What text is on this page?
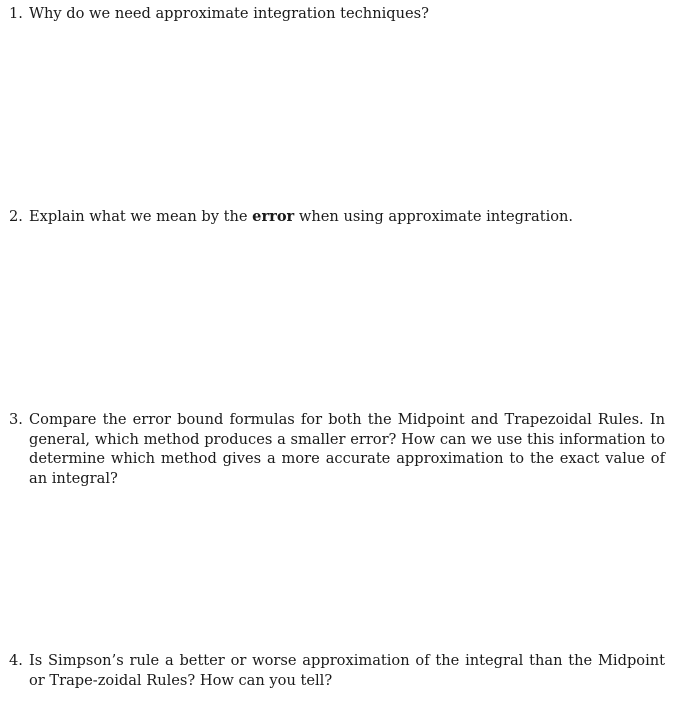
1. Why do we need approximate integration techniques?
2. Explain what we mean by the error when using approximate integration.
3. Compare the error bound formulas for both the Midpoint and Trapezoidal Rules. In general, which method produces a smaller error? How can we use this information to determine which method gives a more accurate approximation to the exact value of an integral?
4. Is Simpson’s rule a better or worse approximation of the integral than the Midpoint or Trape-zoidal Rules? How can you tell?
